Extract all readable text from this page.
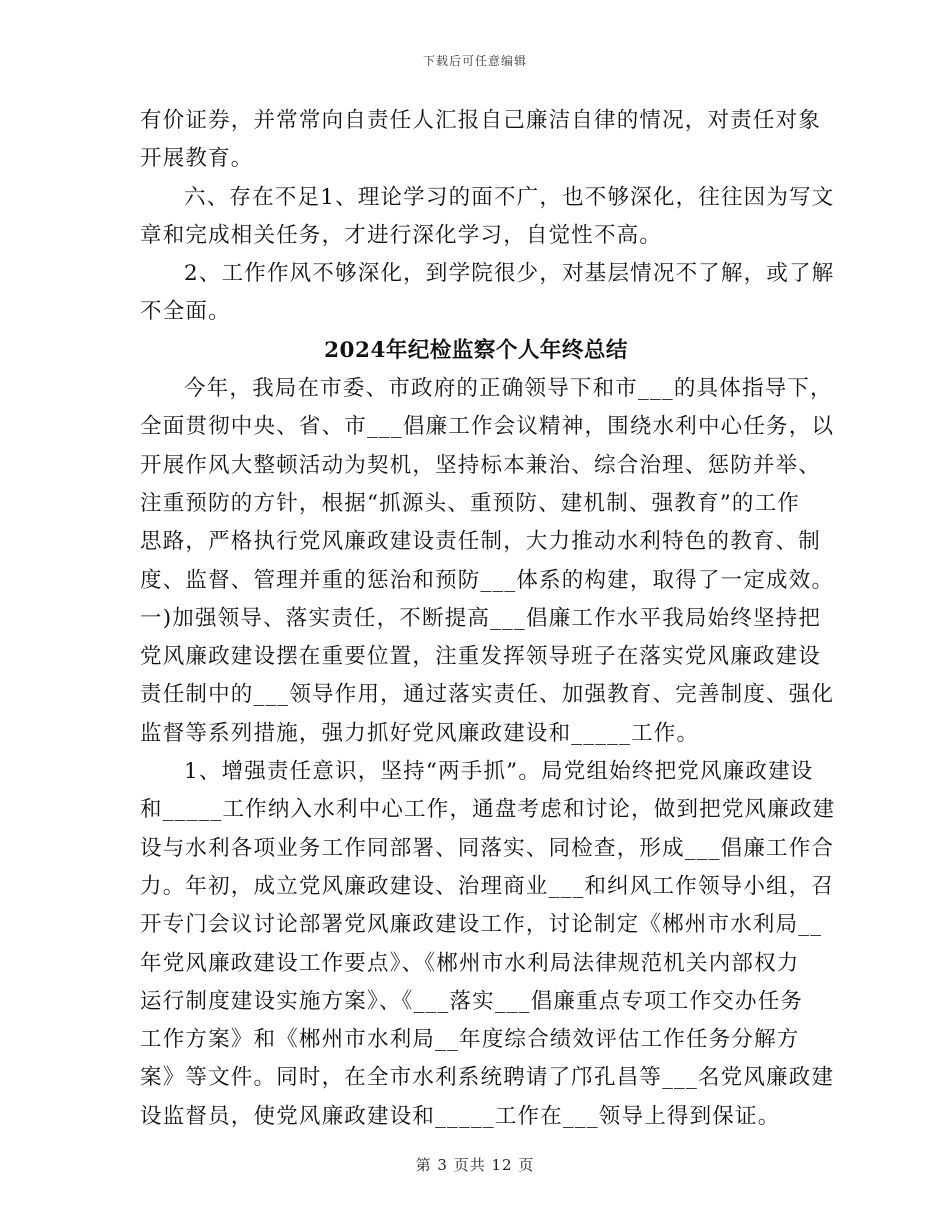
下载后可任意编辑
有价证券，并常常向自责任人汇报自己廉洁自律的情况，对责任对象
开展教育。
六、存在不足1、理论学习的面不广，也不够深化，往往因为写文
章和完成相关任务，才进行深化学习，自觉性不高。
2、工作作风不够深化，到学院很少，对基层情况不了解，或了解
不全面。
2024年纪检监察个人年终总结
今年，我局在市委、市政府的正确领导下和市___的具体指导下，
全面贯彻中央、省、市___倡廉工作会议精神，围绕水利中心任务，以
开展作风大整顿活动为契机，坚持标本兼治、综合治理、惩防并举、
注重预防的方针，根据“抓源头、重预防、建机制、强教育”的工作
思路，严格执行党风廉政建设责任制，大力推动水利特色的教育、制
度、监督、管理并重的惩治和预防___体系的构建，取得了一定成效。
一)加强领导、落实责任，不断提高___倡廉工作水平我局始终坚持把
党风廉政建设摆在重要位置，注重发挥领导班子在落实党风廉政建设
责任制中的___领导作用，通过落实责任、加强教育、完善制度、强化
监督等系列措施，强力抓好党风廉政建设和_____工作。
1、增强责任意识，坚持“两手抓”。局党组始终把党风廉政建设
和_____工作纳入水利中心工作，通盘考虑和讨论，做到把党风廉政建
设与水利各项业务工作同部署、同落实、同检查，形成___倡廉工作合
力。年初，成立党风廉政建设、治理商业___和纠风工作领导小组，召
开专门会议讨论部署党风廉政建设工作，讨论制定《郴州市水利局__
年党风廉政建设工作要点》、《郴州市水利局法律规范机关内部权力
运行制度建设实施方案》、《___落实___倡廉重点专项工作交办任务
工作方案》和《郴州市水利局__年度综合绩效评估工作任务分解方
案》等文件。同时，在全市水利系统聘请了邝孔昌等___名党风廉政建
设监督员，使党风廉政建设和_____工作在___领导上得到保证。
第 3 页共 12 页
